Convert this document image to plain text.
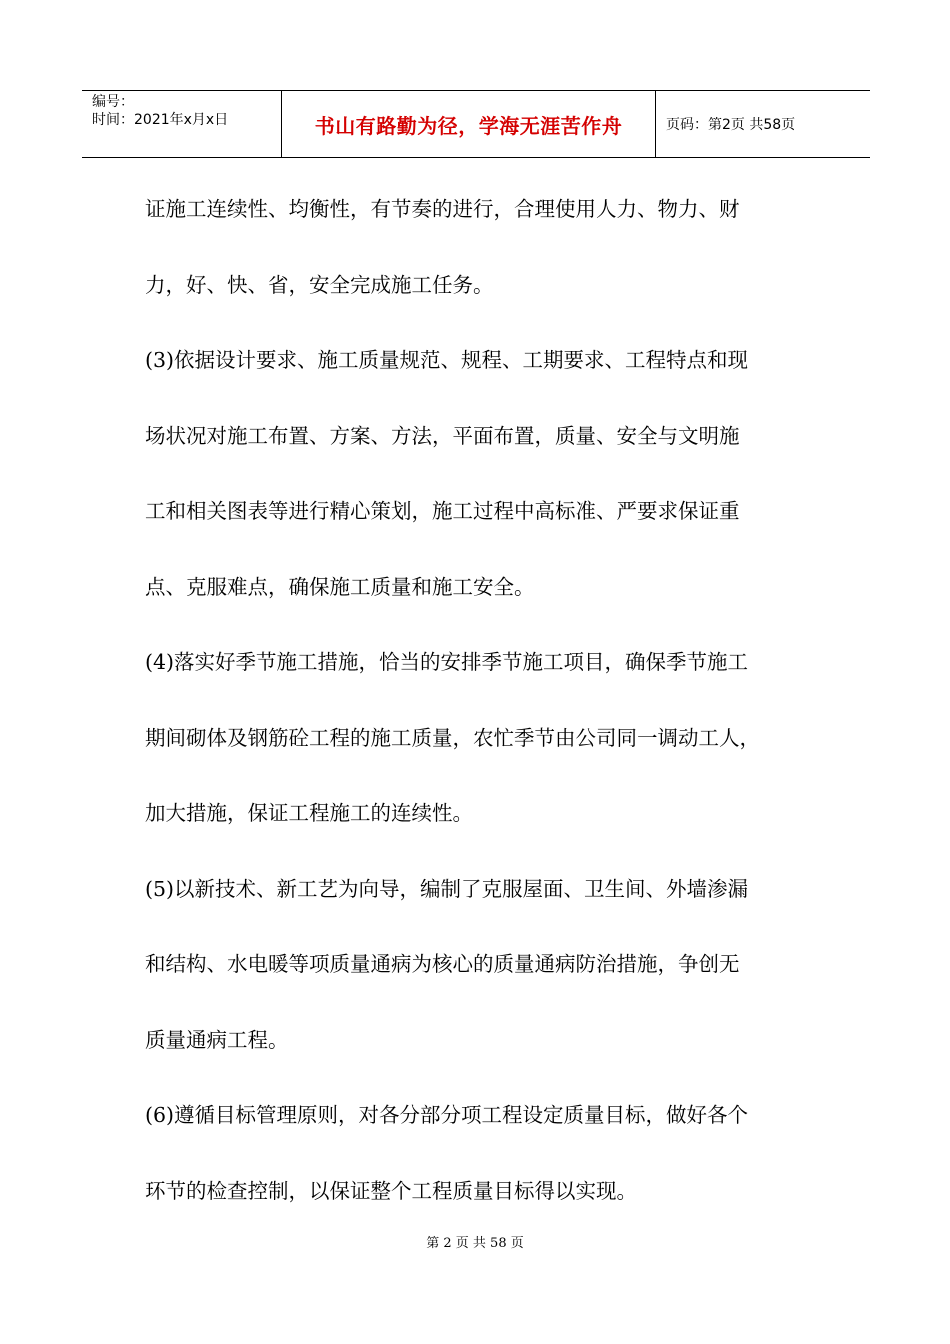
编号：
时间：2021年x月x日	书山有路勤为径，学海无涯苦作舟	页码：第2页 共58页

证施工连续性、均衡性，有节奏的进行，合理使用人力、物力、财

力，好、快、省，安全完成施工任务。

(3)依据设计要求、施工质量规范、规程、工期要求、工程特点和现

场状况对施工布置、方案、方法，平面布置，质量、安全与文明施

工和相关图表等进行精心策划，施工过程中高标准、严要求保证重

点、克服难点，确保施工质量和施工安全。

(4)落实好季节施工措施，恰当的安排季节施工项目，确保季节施工

期间砌体及钢筋砼工程的施工质量，农忙季节由公司同一调动工人，

加大措施，保证工程施工的连续性。

(5)以新技术、新工艺为向导，编制了克服屋面、卫生间、外墙渗漏

和结构、水电暖等项质量通病为核心的质量通病防治措施，争创无

质量通病工程。

(6)遵循目标管理原则，对各分部分项工程设定质量目标，做好各个

环节的检查控制，以保证整个工程质量目标得以实现。

第 2 页 共 58 页
